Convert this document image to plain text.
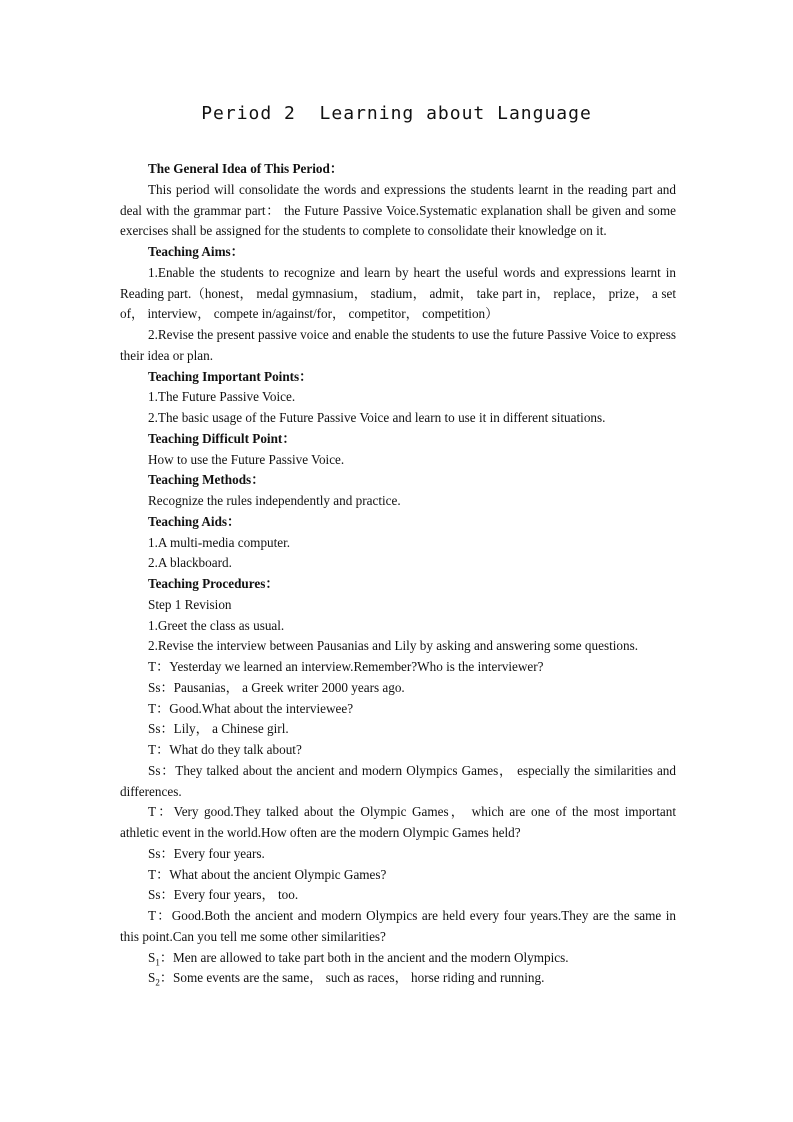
Period 2  Learning about Language

The General Idea of This Period：

This period will consolidate the words and expressions the students learnt in the reading part and deal with the grammar part： the Future Passive Voice.Systematic explanation shall be given and some exercises shall be assigned for the students to complete to consolidate their knowledge on it.

Teaching Aims：

1.Enable the students to recognize and learn by heart the useful words and expressions learnt in Reading part.（honest， medal gymnasium， stadium， admit， take part in， replace， prize， a set of， interview， compete in/against/for， competitor， competition）

2.Revise the present passive voice and enable the students to use the future Passive Voice to express their idea or plan.

Teaching Important Points：

1.The Future Passive Voice.

2.The basic usage of the Future Passive Voice and learn to use it in different situations.

Teaching Difficult Point：

How to use the Future Passive Voice.

Teaching Methods：

Recognize the rules independently and practice.

Teaching Aids：

1.A multi-media computer.

2.A blackboard.

Teaching Procedures：

Step 1 Revision

1.Greet the class as usual.

2.Revise the interview between Pausanias and Lily by asking and answering some questions.

T：Yesterday we learned an interview.Remember?Who is the interviewer?

Ss：Pausanias， a Greek writer 2000 years ago.

T：Good.What about the interviewee?

Ss：Lily， a Chinese girl.

T：What do they talk about?

Ss：They talked about the ancient and modern Olympics Games， especially the similarities and differences.

T：Very good.They talked about the Olympic Games， which are one of the most important athletic event in the world.How often are the modern Olympic Games held?

Ss：Every four years.

T：What about the ancient Olympic Games?

Ss：Every four years， too.

T：Good.Both the ancient and modern Olympics are held every four years.They are the same in this point.Can you tell me some other similarities?

$S_1$：Men are allowed to take part both in the ancient and the modern Olympics.

$S_2$：Some events are the same， such as races， horse riding and running.
